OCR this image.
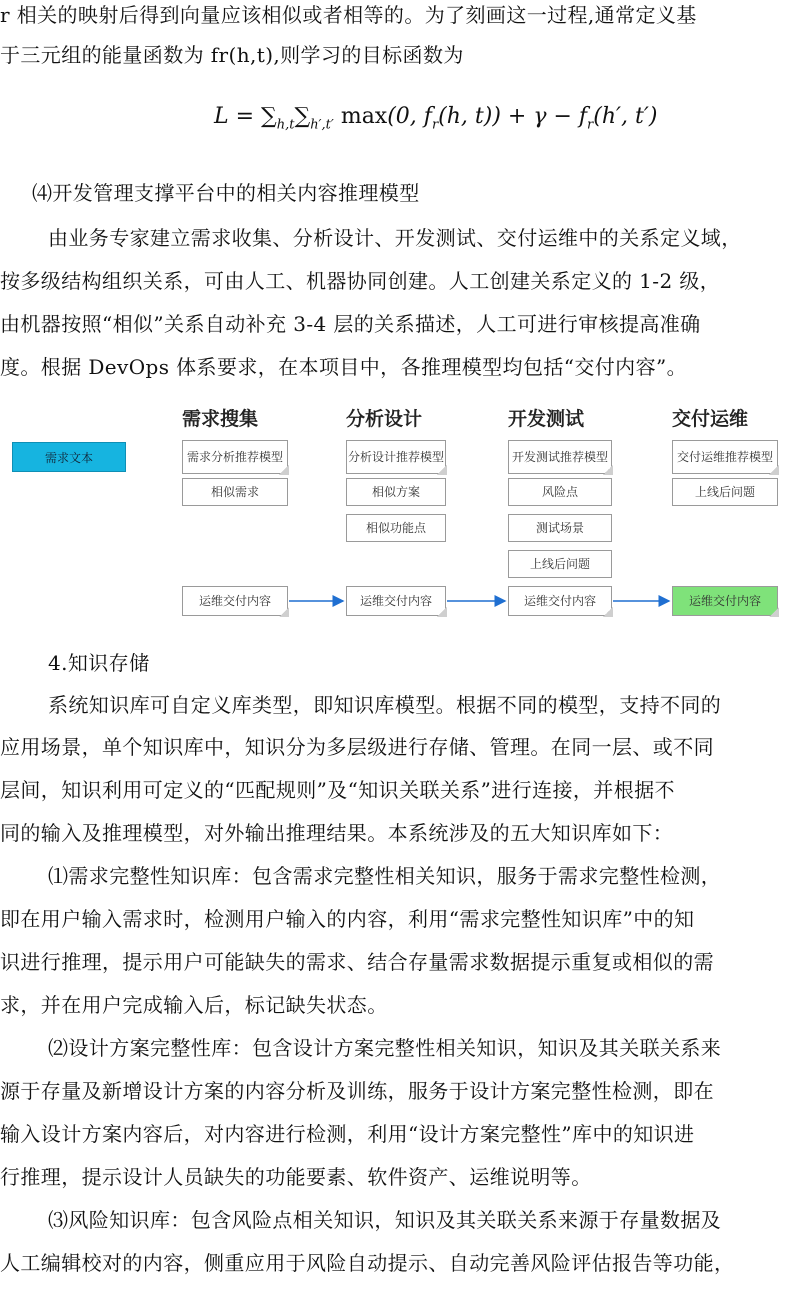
r 相关的映射后得到向量应该相似或者相等的。为了刻画这一过程,通常定义基
于三元组的能量函数为 fr(h,t),则学习的目标函数为
$L = \sum_{h,t}\sum_{h',t'}$ max(0, $f_r(h$, $t)) + \gamma - f_r(h'$, t′)
⑷开发管理支撑平台中的相关内容推理模型
由业务专家建立需求收集、分析设计、开发测试、交付运维中的关系定义域，
按多级结构组织关系，可由人工、机器协同创建。人工创建关系定义的 1-2 级，
由机器按照“相似”关系自动补充 3-4 层的关系描述，人工可进行审核提高准确
度。根据 DevOps 体系要求，在本项目中，各推理模型均包括“交付内容”。
需求文本
需求搜集
需求分析推荐模型
相似需求
运维交付内容
分析设计
分析设计推荐模型
相似方案
相似功能点
运维交付内容
开发测试
开发测试推荐模型
风险点
测试场景
上线后问题
运维交付内容
交付运维
交付运维推荐模型
上线后问题
运维交付内容
4.知识存储
系统知识库可自定义库类型，即知识库模型。根据不同的模型，支持不同的
应用场景，单个知识库中，知识分为多层级进行存储、管理。在同一层、或不同
层间，知识利用可定义的“匹配规则”及“知识关联关系”进行连接，并根据不
同的输入及推理模型，对外输出推理结果。本系统涉及的五大知识库如下：
⑴需求完整性知识库：包含需求完整性相关知识，服务于需求完整性检测，
即在用户输入需求时，检测用户输入的内容，利用“需求完整性知识库”中的知
识进行推理，提示用户可能缺失的需求、结合存量需求数据提示重复或相似的需
求，并在用户完成输入后，标记缺失状态。
⑵设计方案完整性库：包含设计方案完整性相关知识，知识及其关联关系来
源于存量及新增设计方案的内容分析及训练，服务于设计方案完整性检测，即在
输入设计方案内容后，对内容进行检测，利用“设计方案完整性”库中的知识进
行推理，提示设计人员缺失的功能要素、软件资产、运维说明等。
⑶风险知识库：包含风险点相关知识，知识及其关联关系来源于存量数据及
人工编辑校对的内容，侧重应用于风险自动提示、自动完善风险评估报告等功能，
